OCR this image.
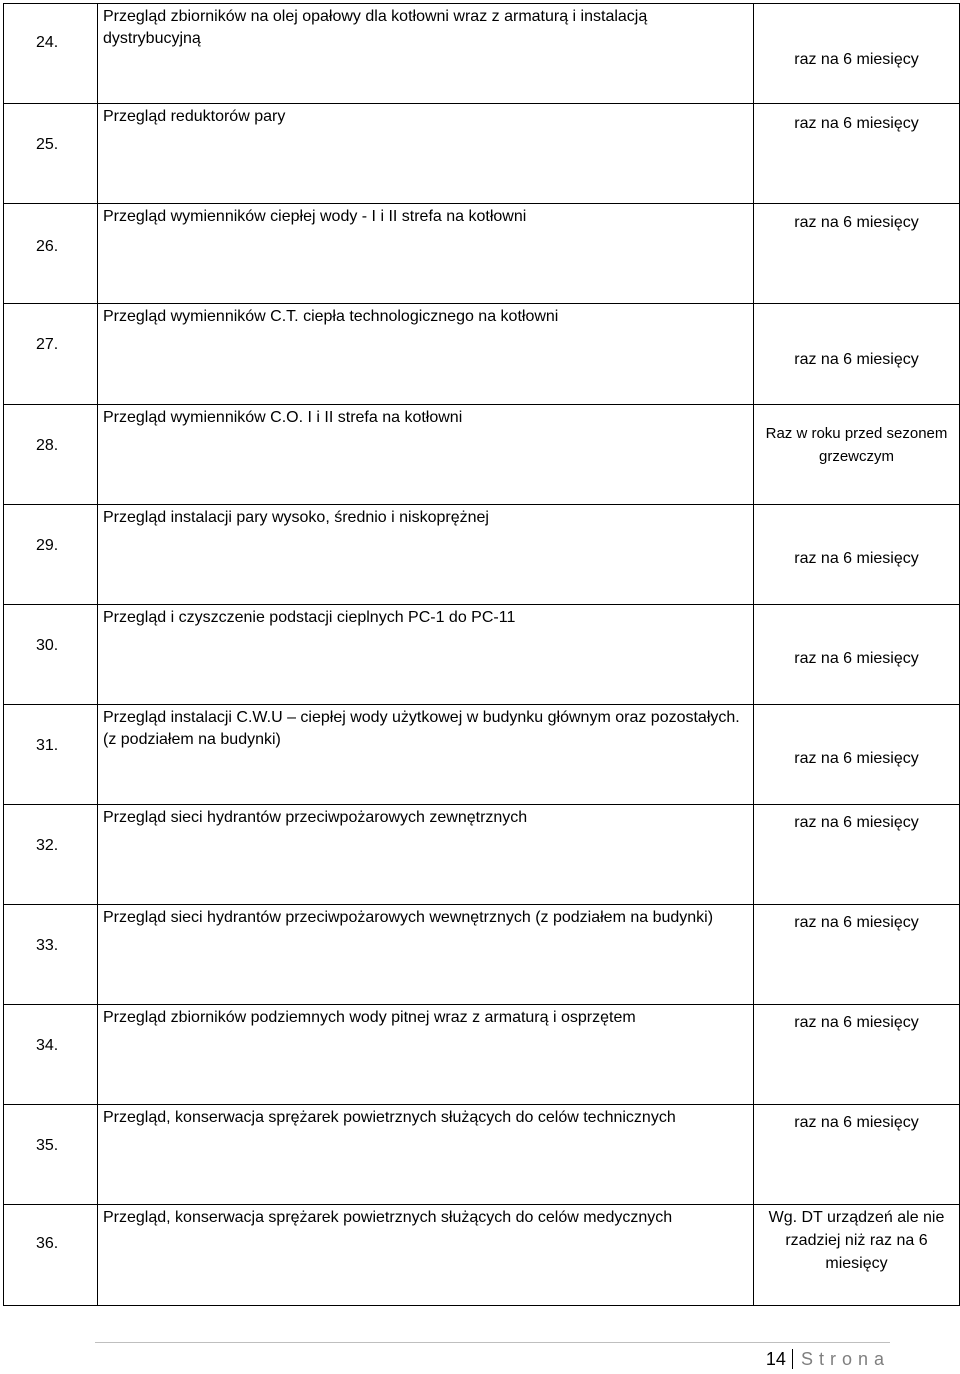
24.	Przegląd zbiorników na olej opałowy dla kotłowni wraz z armaturą i instalacją dystrybucyjną	raz na 6 miesięcy

25.	Przegląd reduktorów pary	raz na 6 miesięcy

26.	Przegląd wymienników ciepłej wody - I i II strefa na kotłowni	raz na 6 miesięcy

27.	Przegląd wymienników C.T. ciepła technologicznego na kotłowni	raz na 6 miesięcy

28.	Przegląd wymienników C.O. I i II strefa na kotłowni	Raz w roku przed sezonem grzewczym

29.	Przegląd instalacji pary wysoko, średnio i niskoprężnej	raz na 6 miesięcy

30.	Przegląd i czyszczenie podstacji cieplnych PC-1 do PC-11	raz na 6 miesięcy

31.	Przegląd instalacji C.W.U – ciepłej wody użytkowej w budynku głównym oraz pozostałych. (z podziałem na budynki)	raz na 6 miesięcy

32.	Przegląd sieci hydrantów przeciwpożarowych zewnętrznych	raz na 6 miesięcy

33.	Przegląd sieci hydrantów przeciwpożarowych wewnętrznych (z podziałem na budynki)	raz na 6 miesięcy

34.	Przegląd zbiorników podziemnych wody pitnej wraz z armaturą i osprzętem	raz na 6 miesięcy

35.	Przegląd, konserwacja sprężarek powietrznych służących do celów technicznych	raz na 6 miesięcy

36.	Przegląd, konserwacja sprężarek powietrznych służących do celów medycznych	Wg. DT urządzeń ale nie rzadziej niż raz na 6 miesięcy
14 Strona
